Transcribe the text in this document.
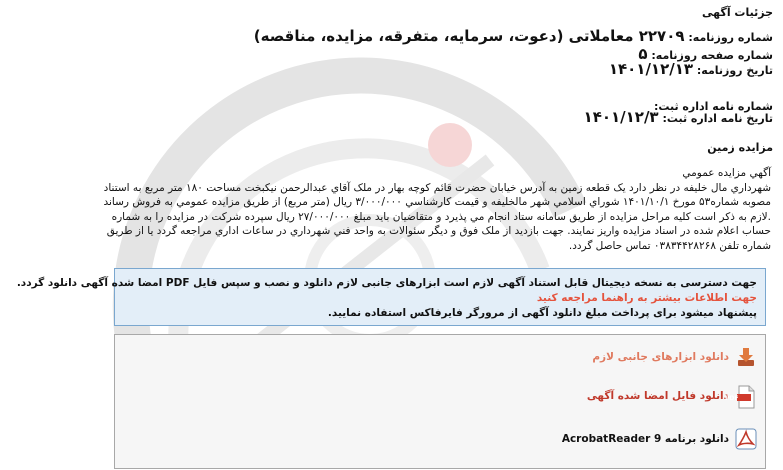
جزئیات آگهی
شماره روزنامه: ۲۲۷۰۹ معاملاتی (دعوت، سرمایه، متفرقه، مزایده، مناقصه)
شماره صفحه روزنامه: ۵
تاریخ روزنامه: ۱۴۰۱/۱۲/۱۳
شماره نامه اداره ثبت:
تاریخ نامه اداره ثبت: ۱۴۰۱/۱۲/۳
مزایده زمین
آگهي مزايده عمومي
شهرداري مال خليفه در نظر دارد يک قطعه زمين به آدرس خيابان حضرت قائم کوچه بهار در ملک آقاي عبدالرحمن نيکبخت مساحت ۱۸۰ متر مربع به استناد
مصوبه شماره۵۳ مورخ ۱۴۰۱/۱۰/۱ شوراي اسلامي شهر مالخليفه و قيمت کارشناسي ۳/۰۰۰/۰۰۰ ريال (متر مربع) از طريق مزايده عمومي به فروش رساند
.لازم به ذکر است کليه مراحل مزايده از طريق سامانه ستاد انجام مي پذيرد و متقاضيان بايد مبلغ ۲۷/۰۰۰/۰۰۰ ريال سپرده شرکت در مزايده را به شماره
حساب اعلام شده در اسناد مزايده واريز نمايند. جهت بازديد از ملک فوق و ديگر سئوالات به واحد فني شهرداري در ساعات اداري مراجعه گردد يا از طريق
شماره تلفن ۰۳۸۳۴۴۲۸۲۶۸ تماس حاصل گردد.
جهت دسترسی به نسخه دیجیتال قابل استناد آگهی لازم است ابزارهای جانبی لازم دانلود و نصب و سپس فایل PDF امضا شده آگهی دانلود گردد.
جهت اطلاعات بیشتر به راهنما مراجعه کنید
پیشنهاد میشود برای پرداخت مبلغ دانلود آگهی از مرورگر فایرفاکس استفاده نمایید.
دانلود ابزارهای جانبی لازم
PDF
دانلود فایل امضا شده آگهی
دانلود برنامه AcrobatReader 9
